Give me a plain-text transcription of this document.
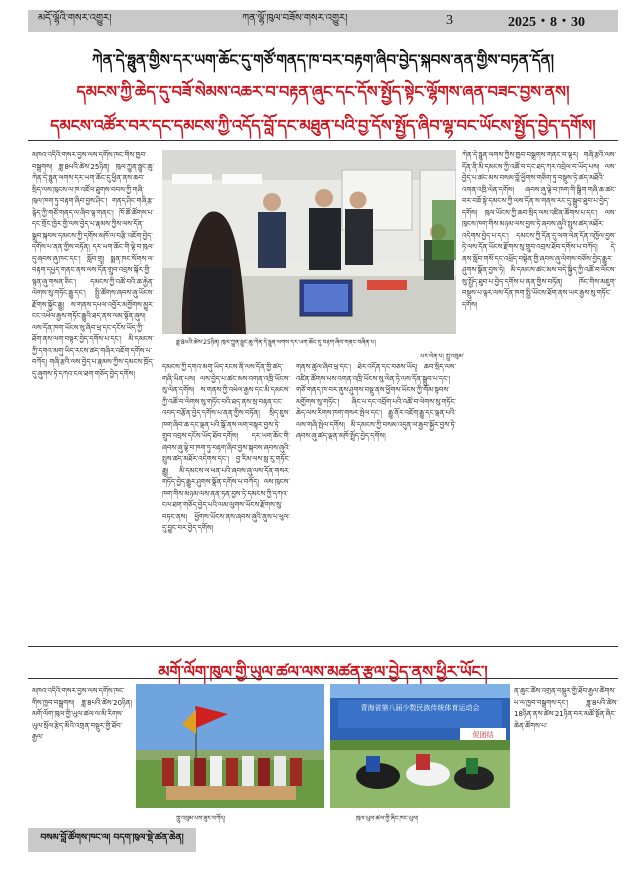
མདོ་ལྷོའི་གསར་འགྱུར།	ཀན་ལྷོ་ཁུལ་བཟོས་གསར་འགྱུར།	3	2025・8・30
ཀེན་དེ་ཧྥུན་གྱིས་དར་ཡག་ཆོང་དུ་གཙོ་གནད་ཁ་བར་བརྟག་ཞིབ་བྱེད་སྐབས་ནན་གྱིས་བཏན་དོན།
དམངས་ཀྱི་ཆེད་དུ་བཟོ་སེམས་འཆར་བ་བརྟན་ཞུང་དང་དོས་སྤྱོད་སྟེང་ལྷོགས་ཞན་བཟང་བྱས་ནས།
དམངས་འཚོར་བར་དང་དམངས་ཀྱི་འདོད་བློ་དང་མཐུན་པའི་བྱ་དོས་སྤྱོད་ཞིབ་ལྷ་བང་ཡོངས་སྤྱོད་བྱེད་དགོས།
མཁའ་འདིའི་གསར་བྱས་ལས་དགོས་ཁང་གིས་ཁྱབ་བསྒྲགས། ཟླ་8པའི་ཚེས་25ཉིན། ཁུལ་ཀྱུན་ཧྥུང་ཆུ་ཀེན་དེ་ཧྥུན་ལགས་དར་ཡག་ཆོང་དུ་ཕྱིན་ནས་ཆབ་སྲིད་ལས་ཁུངས་ལ་ཁ་འཛོལ་ཐུགས་བབས་ཀྱི་གཞི་ཁུལ་ཁག་ཏུ་བརྟག་ཞིབ་བྱས་ཤིང་། གནད་ཤིང་གཞི་རྩ་རྙེད་ཀྱི་གཙོ་གནད་ལ་ཞིབ་ལྟ་གནང་། ཁོ་ཚོ་ཚོགས་པ་དང་གྲོང་ཁྱེར་གྱི་ལས་བྱེད་པ་རྣམས་ཀྱིས་ལས་དོན་སྒྲུབ་སྐབས་དམངས་ཀྱི་དགོས་མཁོ་ལ་བརྩི་འཇོག་བྱེད་དགོས་པ་ནན་གྱིས་བཏོན། དར་ཡག་ཆོང་གི་ལྟེ་བ་ཁུལ་དུ་ཞབས་ཞུ་ཁང་དང་། སློབ་གྲྭ། སྨན་ཁང་སོགས་ལ་བརྟག་དཔྱད་གནང་ནས་ལས་དོན་གྲུབ་འབྲས་སྐོར་གྱི་སྙན་ཞུ་གསན་ཅིང་། དམངས་ཀྱི་འཚོ་བའི་ཆ་རྐྱེན་ལེགས་སུ་གཏོང་རྒྱུ་དང་། སྤྱི་ཚོགས་ཞབས་ཞུ་ཡོངས་རྫོགས་སྐྱོང་རྒྱུ། ས་གནས་དཔལ་འབྱོར་མགྱོགས་མྱུར་ངང་འཕེལ་རྒྱས་གཏོང་རྒྱུའི་ཐད་ནས་ལམ་སྟོན་ཞུས། ལས་དོན་ཁག་ཡོངས་སུ་ཞིབ་ཕྲ་དང་དངོས་ཡོད་ཀྱི་ཐོག་ནས་ལག་བསྟར་བྱེད་དགོས་པ་དང་། མི་དམངས་ཀྱི་དགའ་མགུ་ཡིད་རངས་ཚད་གཞིར་འཇོག་དགོས་པ་བཀོད། གཞི་རྩའི་ལས་བྱེད་པ་རྣམས་ཀྱིས་དམངས་ཁྲོད་དུ་ཞུགས་ཏེ་དཀའ་ངལ་ཐག་གཅོད་བྱེད་དགོས།
དམངས་ཀྱི་དགའ་མགུ་ཡིད་རངས་ནི་ལས་དོན་གྱི་ཚད་གཞི་ཡིན་པས། ལས་བྱེད་པ་ཚང་མས་འགན་འཁྲི་ཡོངས་སུ་ལེན་དགོས། ས་གནས་ཀྱི་འཕེལ་རྒྱས་དང་མི་དམངས་ཀྱི་འཚོ་བ་ལེགས་སུ་གཏོང་བའི་ཐད་ནས་སྲ་བརྟན་ངང་འབད་བརྩོན་བྱེད་དགོས་པ་ནན་གྱིས་བཏོན། སྲིད་ཇུས་ཁག་ཞིབ་ཆ་དང་ལྡན་པའི་སྒོ་ནས་ལག་བསྟར་བྱས་ཏེ་གྲུབ་འབྲས་དངོས་ཡོད་ཐོབ་དགོས། དར་ཡག་ཆོང་གི་ཞབས་ཞུ་ལྟེ་བ་ཁག་ཏུ་བརྟག་ཞིབ་བྱས་སྐབས་ཞབས་ཞུའི་སྤུས་ཚད་མཐོར་འདེགས་དང་། བྱ་རིམ་ལས་སླ་རུ་གཏོང་རྒྱུ། མི་དམངས་ལ་ཕན་པའི་ཞབས་ཞུ་ལས་དོན་གསར་གཏོད་བྱེད་རྒྱུར་ཤུགས་སྣོན་དགོས་པ་བཀོད། ལས་ཁུངས་ཁག་གིས་མཉམ་ལས་ནན་ཏན་བྱས་ཏེ་དམངས་ཀྱི་དཀའ་ངལ་ཐག་གཅོད་བྱེད་པའི་ལམ་ལུགས་ཡོངས་རྫོགས་སུ་བཏང་ནས། ཕྱོགས་ཡོངས་ནས་ཞབས་ཞུའི་ནུས་པ་ཕུལ་དུ་བྱུང་བར་བྱེད་དགོས།
གནས་ཚུལ་ཞིབ་ཕྲ་དང་། ཐེར་འདོན་དང་བཅས་ཡོད། ཆབ་སྲིད་ལས་འཛིན་ཚོགས་པས་འགན་འཁྲི་ཡོངས་སུ་ལེན་ཏེ་ལས་དོན་སྒྲུབ་པ་དང་། གཙོ་གནད་ཁ་བར་ནུས་ཤུགས་བསྡུ་ནས་ཕྱོགས་ཡོངས་ཀྱི་གོམ་སྟབས་མགྱོགས་སུ་གཏོང་། ཞིང་པ་དང་འབྲོག་པའི་འཚོ་བ་ལེགས་སུ་གཏོང་ཆེད་ལས་རིགས་ཁག་གསར་སྤེལ་དང་། རྒྱུ་ནོར་འཇོག་རྒྱུ་དང་ལྡན་པའི་ལས་གཞི་སྤེལ་དགོས། མི་དམངས་ཀྱི་བསམ་འདུན་ལ་རྒྱབ་སྐྱོར་བྱས་ཏེ་ཞབས་ཞུ་ཚད་ལྡན་མཁོ་སྤྲོད་བྱེད་དགོས།
ཀེན་དེ་ཧྥུན་ལགས་ཀྱིས་ཁྱབ་བསྒྲགས་གནང་བ་ལྟར། གཞི་རྩའི་ལས་དོན་ནི་མི་དམངས་ཀྱི་འཚོ་བ་དང་ཐད་ཀར་འབྲེལ་བ་ཡོད་པས། ལས་བྱེད་པ་ཚང་མས་བསམ་བློ་ཕྱོགས་གཅིག་ཏུ་བསྡུས་ཏེ་ཚད་མཐོའི་འགན་འཁྲི་ལེན་དགོས། ཞབས་ཞུ་ལྟེ་བ་ཁག་གི་སྒྲིག་གཞི་ཆ་ཚང་བར་བཟོ་སྟེ་དམངས་ཀྱི་ལས་དོན་ས་གནས་རང་དུ་སྒྲུབ་ཐུབ་པ་བྱེད་དགོས། ཁུལ་ཡོངས་ཀྱི་ཆབ་སྲིད་ལས་འཛིན་ཚོགས་པ་དང་། ལས་ཁུངས་ཁག་གིས་མཉམ་ལས་བྱས་ཏེ་ཞབས་ཞུའི་སྤུས་ཚད་མཐོར་འདེགས་བྱེད་པ་དང་། དམངས་ཀྱི་དོན་དུ་ལག་ལེན་དོན་འཁྱོལ་བྱས་ཏེ་ལས་དོན་ཡོངས་རྫོགས་སུ་གྲུབ་འབྲས་ཐོབ་དགོས་པ་བཀོད། དེ་ནས་སློབ་གསོ་དང་འཕྲོད་བསྟེན་གྱི་ཞབས་ཞུ་ལེགས་བཅོས་བྱེད་རྒྱུར་ཤུགས་སྣོན་བྱས་ཏེ། མི་དམངས་ཚང་མས་བདེ་སྐྱིད་ཀྱི་འཚོ་བ་ལོངས་སུ་སྤྱོད་ཐུབ་པ་བྱེད་དགོས་པ་ནན་གྱིས་བཏོན། ཁོང་གིས་མཇུག་བསྡུས་པ་ལྟར་ལས་དོན་ཁག་སྤྱི་ཡོངས་ཐོག་ནས་ཡར་རྒྱས་སུ་གཏོང་དགོས།
ཟླ་8པའི་ཚེས་25ཉིན། ཁུལ་ཀྱུན་ཧྥུང་ཆུ་ཀེན་དེ་ཧྥུན་ལགས་དར་ཡག་ཆོང་དུ་བརྟག་ཞིབ་གནང་བཞིན་པ།
པར་ལེན་པ། ཀླུ་འབུམ་
མགོ་ལོག་ཁུལ་གྱི་ཡུལ་ཚལ་ལས་མཚན་རྩལ་བྱེད་ནས་ཕྱིར་ཡོང་།
མཁའ་འདིའི་གསར་བྱས་ལས་དགོས་ཁང་གིས་ཁྱབ་བསྒྲགས། ཟླ་8པའི་ཚེས་20ཉིན། མགོ་ལོག་ཁུལ་གྱི་ཡུལ་ཚལ་ལ་མི་རིགས་ཡུལ་སྲོལ་རྩེད་མོའི་འགྲན་བསྡུར་གྱི་ཐོབ་རྒྱལ་
ཀླུ་འབུམ་པས་ཟུར་བཀོད།
青海省第八届少数民族传统体育运动会
促团结
ཁུལ་ཡུལ་ཚལ་གྱི་ཞིང་ཁང་ཡུལ།
ན་ཆུང་ཚོས་འགྲན་བསྡུར་གྱི་ཐོབ་རྒྱལ་ཚོགས་པ་ལ་ཁྱབ་བསྒྲགས་དང་། ཟླ་8པའི་ཚེས་18ཉིན་ནས་ཚེས་21ཉིན་བར་མཚོ་སྔོན་ཞིང་ཆེན་ཚོགས་པ་
བསམ་བློ་ཚོགས་ཁང་ལ། བདག་ཁུལ་སྡེ་ཚན་ཆེན།
